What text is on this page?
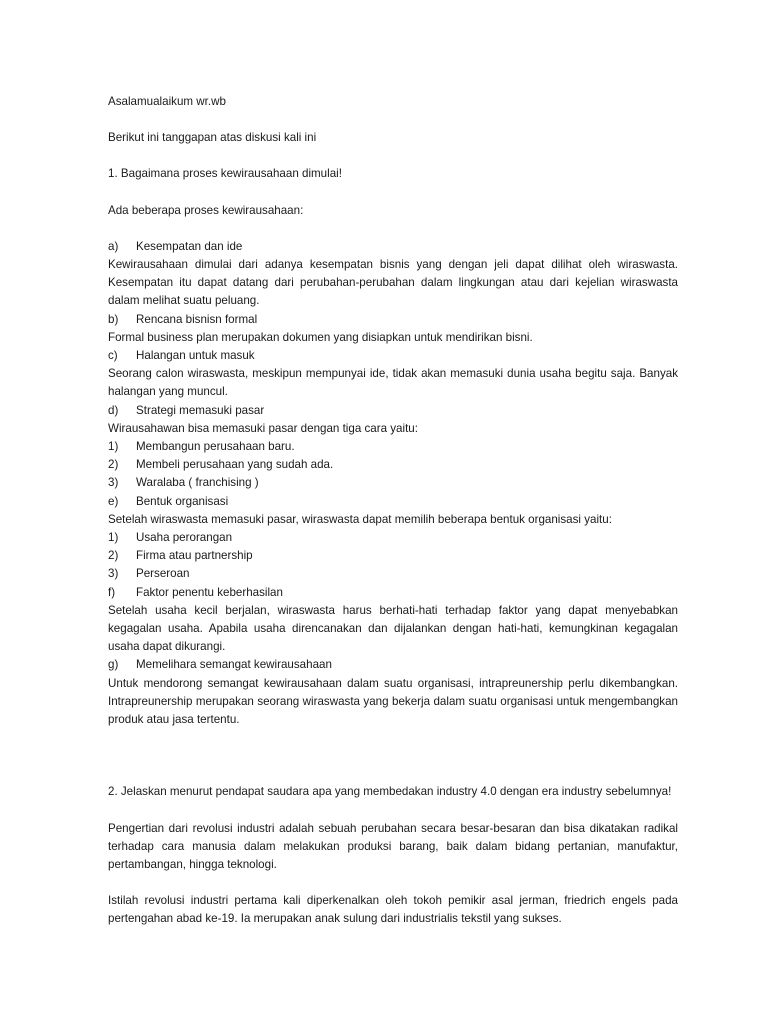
Asalamualaikum wr.wb

Berikut ini tanggapan atas diskusi kali ini

1. Bagaimana proses kewirausahaan dimulai!

Ada beberapa proses kewirausahaan:

a)	Kesempatan dan ide

Kewirausahaan dimulai dari adanya kesempatan bisnis yang dengan jeli dapat dilihat oleh wiraswasta. Kesempatan itu dapat datang dari perubahan-perubahan dalam lingkungan atau dari kejelian wiraswasta dalam melihat suatu peluang.

b)	Rencana bisnisn formal

Formal business plan merupakan dokumen yang disiapkan untuk mendirikan bisni.

c)	Halangan untuk masuk

Seorang calon wiraswasta, meskipun mempunyai ide, tidak akan memasuki dunia usaha begitu saja. Banyak halangan yang muncul.

d)	Strategi memasuki pasar

Wirausahawan bisa memasuki pasar dengan tiga cara yaitu:

1)	Membangun perusahaan baru.
2)	Membeli perusahaan yang sudah ada.
3)	Waralaba ( franchising )
e)	Bentuk organisasi

Setelah wiraswasta memasuki pasar, wiraswasta dapat memilih beberapa bentuk organisasi yaitu:

1)	Usaha perorangan
2)	Firma atau partnership
3)	Perseroan
f)	Faktor penentu keberhasilan

Setelah usaha kecil berjalan, wiraswasta harus berhati-hati terhadap faktor yang dapat menyebabkan kegagalan usaha. Apabila usaha direncanakan dan dijalankan dengan hati-hati, kemungkinan kegagalan usaha dapat dikurangi.

g)	Memelihara semangat kewirausahaan

Untuk mendorong semangat kewirausahaan dalam suatu organisasi, intrapreunership perlu dikembangkan. Intrapreunership merupakan seorang wiraswasta yang bekerja dalam suatu organisasi untuk mengembangkan produk atau jasa tertentu.

2. Jelaskan menurut pendapat saudara apa yang membedakan industry 4.0 dengan era industry sebelumnya!

Pengertian dari revolusi industri adalah sebuah perubahan secara besar-besaran dan bisa dikatakan radikal terhadap cara manusia dalam melakukan produksi barang, baik dalam bidang pertanian, manufaktur, pertambangan, hingga teknologi.

Istilah revolusi industri pertama kali diperkenalkan oleh tokoh pemikir asal jerman, friedrich engels pada pertengahan abad ke-19. Ia merupakan anak sulung dari industrialis tekstil yang sukses.
